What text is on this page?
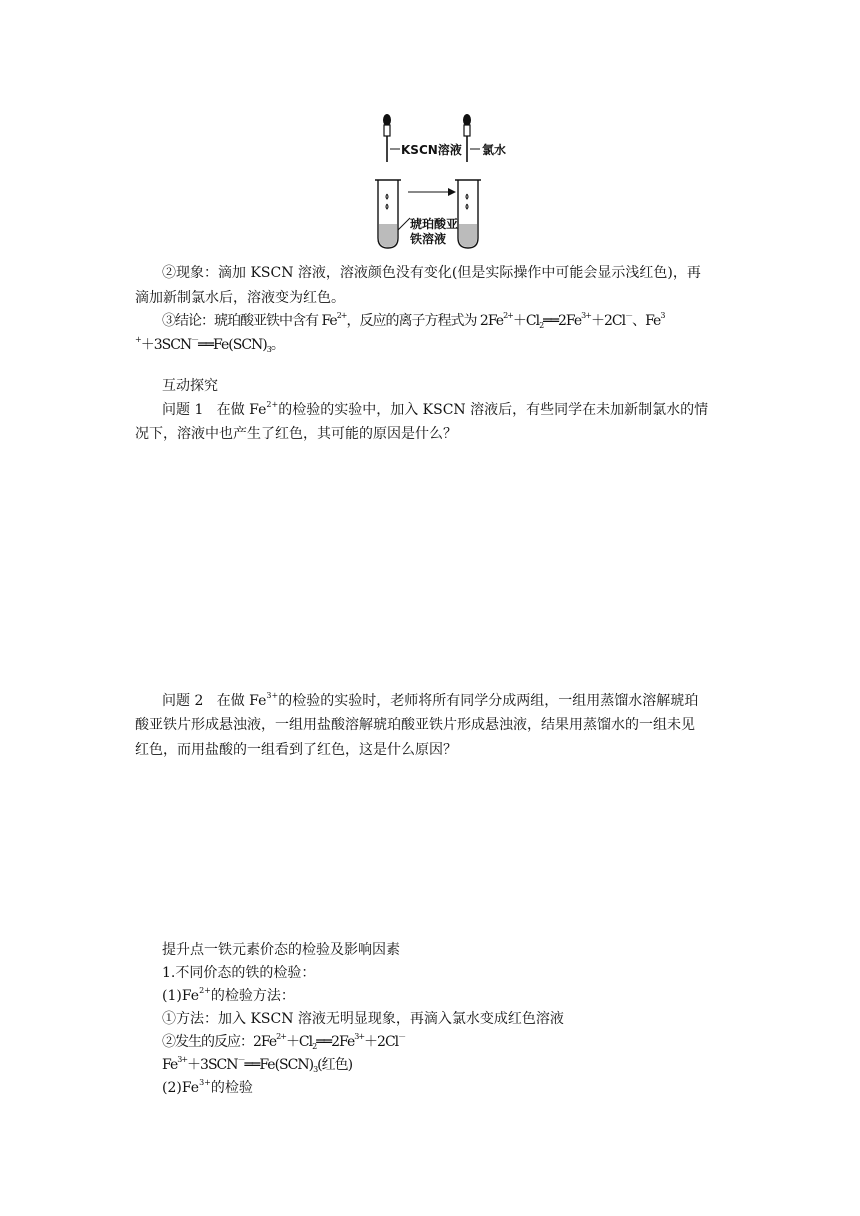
KSCN溶液 氯水
琥珀酸亚
铁溶液
②现象：滴加 KSCN 溶液，溶液颜色没有变化(但是实际操作中可能会显示浅红色)，再
滴加新制氯水后，溶液变为红色。
③结论：琥珀酸亚铁中含有 $Fe^{2+}$，反应的离子方程式为 $2Fe^{2+}+Cl_2══2Fe^{3+}+2Cl^-$、Fe$^3$
$^++3SCN^-══Fe(SCN)_3$。
互动探究
问题 1 在做 $Fe^{2+}$的检验的实验中，加入 KSCN 溶液后，有些同学在未加新制氯水的情
况下，溶液中也产生了红色，其可能的原因是什么？
问题 2 在做 $Fe^{3+}$的检验的实验时，老师将所有同学分成两组，一组用蒸馏水溶解琥珀
酸亚铁片形成悬浊液，一组用盐酸溶解琥珀酸亚铁片形成悬浊液，结果用蒸馏水的一组未见
红色，而用盐酸的一组看到了红色，这是什么原因？
提升点一铁元素价态的检验及影响因素
1.不同价态的铁的检验：
$(1)Fe^{2+}$的检验方法：
①方法：加入 KSCN 溶液无明显现象，再滴入氯水变成红色溶液
②发生的反应：$2Fe^{2+}+Cl_2══2Fe^{3+}+2Cl^-$
$Fe^{3+}+3SCN^-══Fe(SCN)_3$(红色)
$(2)Fe^{3+}$的检验
